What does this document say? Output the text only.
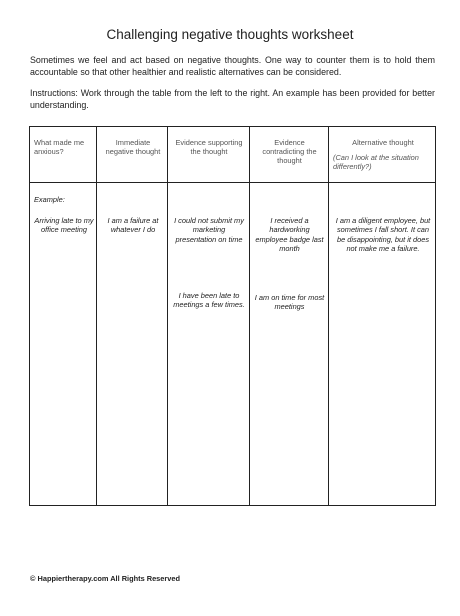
Challenging negative thoughts worksheet
Sometimes we feel and act based on negative thoughts. One way to counter them is to hold them accountable so that other healthier and realistic alternatives can be considered.
Instructions: Work through the table from the left to the right. An example has been provided for better understanding.
What made me anxious?
Immediate negative thought
Evidence supporting the thought
Evidence contradicting the thought
Alternative thought
(Can I look at the situation differently?)
Example:
Arriving late to my office meeting
I am a failure at whatever I do
I could not submit my marketing presentation on time
I have been late to meetings a few times.
I received a hardworking employee badge last month
I am on time for most meetings
I am a diligent employee, but sometimes I fall short. It can be disappointing, but it does not make me a failure.
© Happiertherapy.com All Rights Reserved
